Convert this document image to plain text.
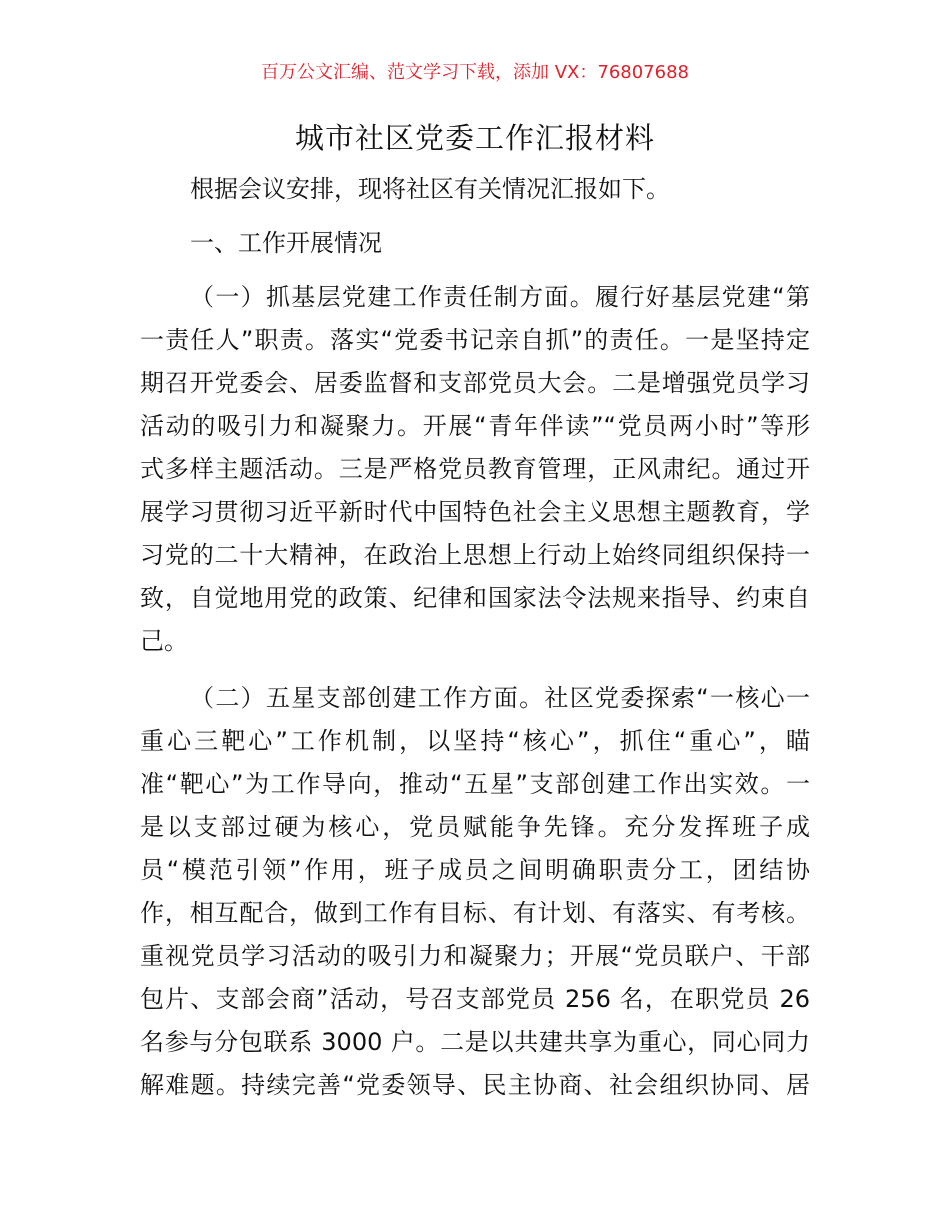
百万公文汇编、范文学习下载，添加 VX：76807688
城市社区党委工作汇报材料
根据会议安排，现将社区有关情况汇报如下。
一、工作开展情况
（一）抓基层党建工作责任制方面。履行好基层党建“第
一责任人”职责。落实“党委书记亲自抓”的责任。一是坚持定
期召开党委会、居委监督和支部党员大会。二是增强党员学习
活动的吸引力和凝聚力。开展“青年伴读”“党员两小时”等形
式多样主题活动。三是严格党员教育管理，正风肃纪。通过开
展学习贯彻习近平新时代中国特色社会主义思想主题教育，学
习党的二十大精神，在政治上思想上行动上始终同组织保持一
致，自觉地用党的政策、纪律和国家法令法规来指导、约束自
己。
（二）五星支部创建工作方面。社区党委探索“一核心一
重心三靶心”工作机制，以坚持“核心”，抓住“重心”，瞄
准“靶心”为工作导向，推动“五星”支部创建工作出实效。一
是以支部过硬为核心，党员赋能争先锋。充分发挥班子成
员“模范引领”作用，班子成员之间明确职责分工，团结协
作，相互配合，做到工作有目标、有计划、有落实、有考核。
重视党员学习活动的吸引力和凝聚力；开展“党员联户、干部
包片、支部会商”活动，号召支部党员 256 名，在职党员 26
名参与分包联系 3000 户。二是以共建共享为重心，同心同力
解难题。持续完善“党委领导、民主协商、社会组织协同、居
